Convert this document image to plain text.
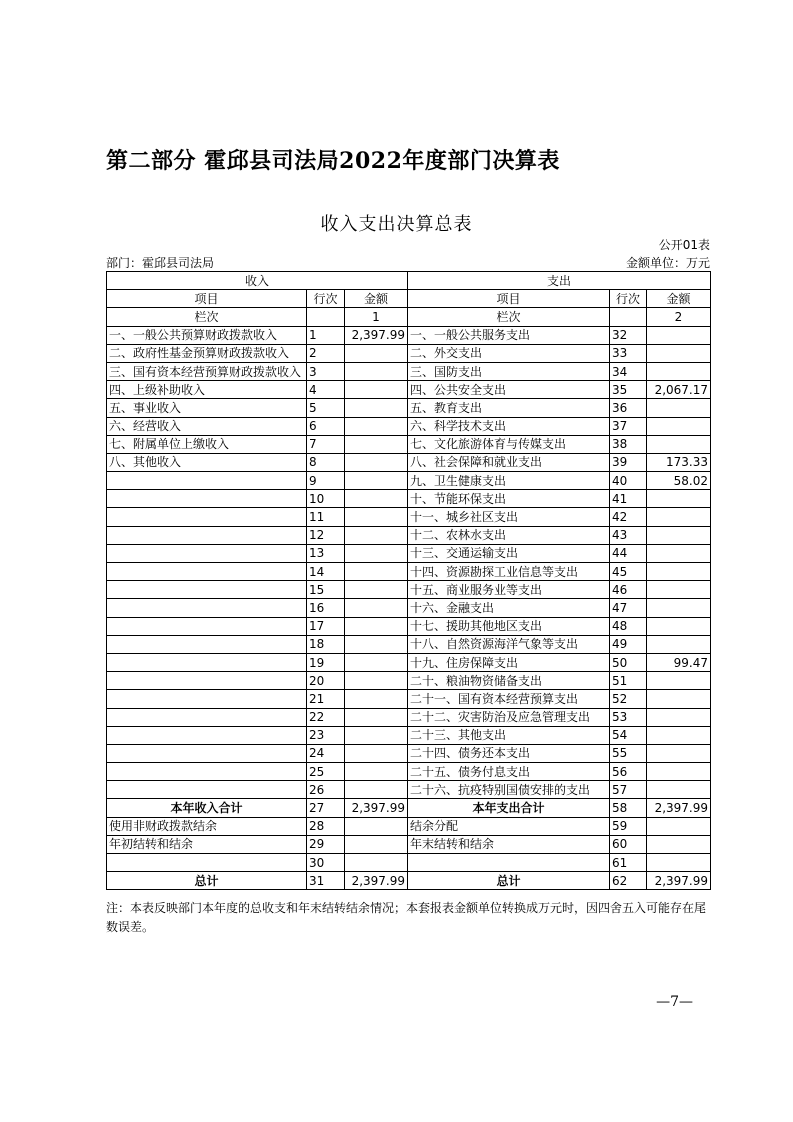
第二部分 霍邱县司法局2022年度部门决算表
收入支出决算总表
公开01表
部门：霍邱县司法局	金额单位：万元
收入			支出		
项目	行次	金额	项目	行次	金额
栏次		1	栏次		2
一、一般公共预算财政拨款收入	1	2,397.99	一、一般公共服务支出	32	
二、政府性基金预算财政拨款收入	2		二、外交支出	33	
三、国有资本经营预算财政拨款收入	3		三、国防支出	34	
四、上级补助收入	4		四、公共安全支出	35	2,067.17
五、事业收入	5		五、教育支出	36	
六、经营收入	6		六、科学技术支出	37	
七、附属单位上缴收入	7		七、文化旅游体育与传媒支出	38	
八、其他收入	8		八、社会保障和就业支出	39	173.33
	9		九、卫生健康支出	40	58.02
	10		十、节能环保支出	41	
	11		十一、城乡社区支出	42	
	12		十二、农林水支出	43	
	13		十三、交通运输支出	44	
	14		十四、资源勘探工业信息等支出	45	
	15		十五、商业服务业等支出	46	
	16		十六、金融支出	47	
	17		十七、援助其他地区支出	48	
	18		十八、自然资源海洋气象等支出	49	
	19		十九、住房保障支出	50	99.47
	20		二十、粮油物资储备支出	51	
	21		二十一、国有资本经营预算支出	52	
	22		二十二、灾害防治及应急管理支出	53	
	23		二十三、其他支出	54	
	24		二十四、债务还本支出	55	
	25		二十五、债务付息支出	56	
	26		二十六、抗疫特别国债安排的支出	57	
本年收入合计	27	2,397.99	本年支出合计	58	2,397.99
使用非财政拨款结余	28		结余分配	59	
年初结转和结余	29		年末结转和结余	60	
	30			61	
总计	31	2,397.99	总计	62	2,397.99
注：本表反映部门本年度的总收支和年末结转结余情况；本套报表金额单位转换成万元时，因四舍五入可能存在尾数误差。
—7—
